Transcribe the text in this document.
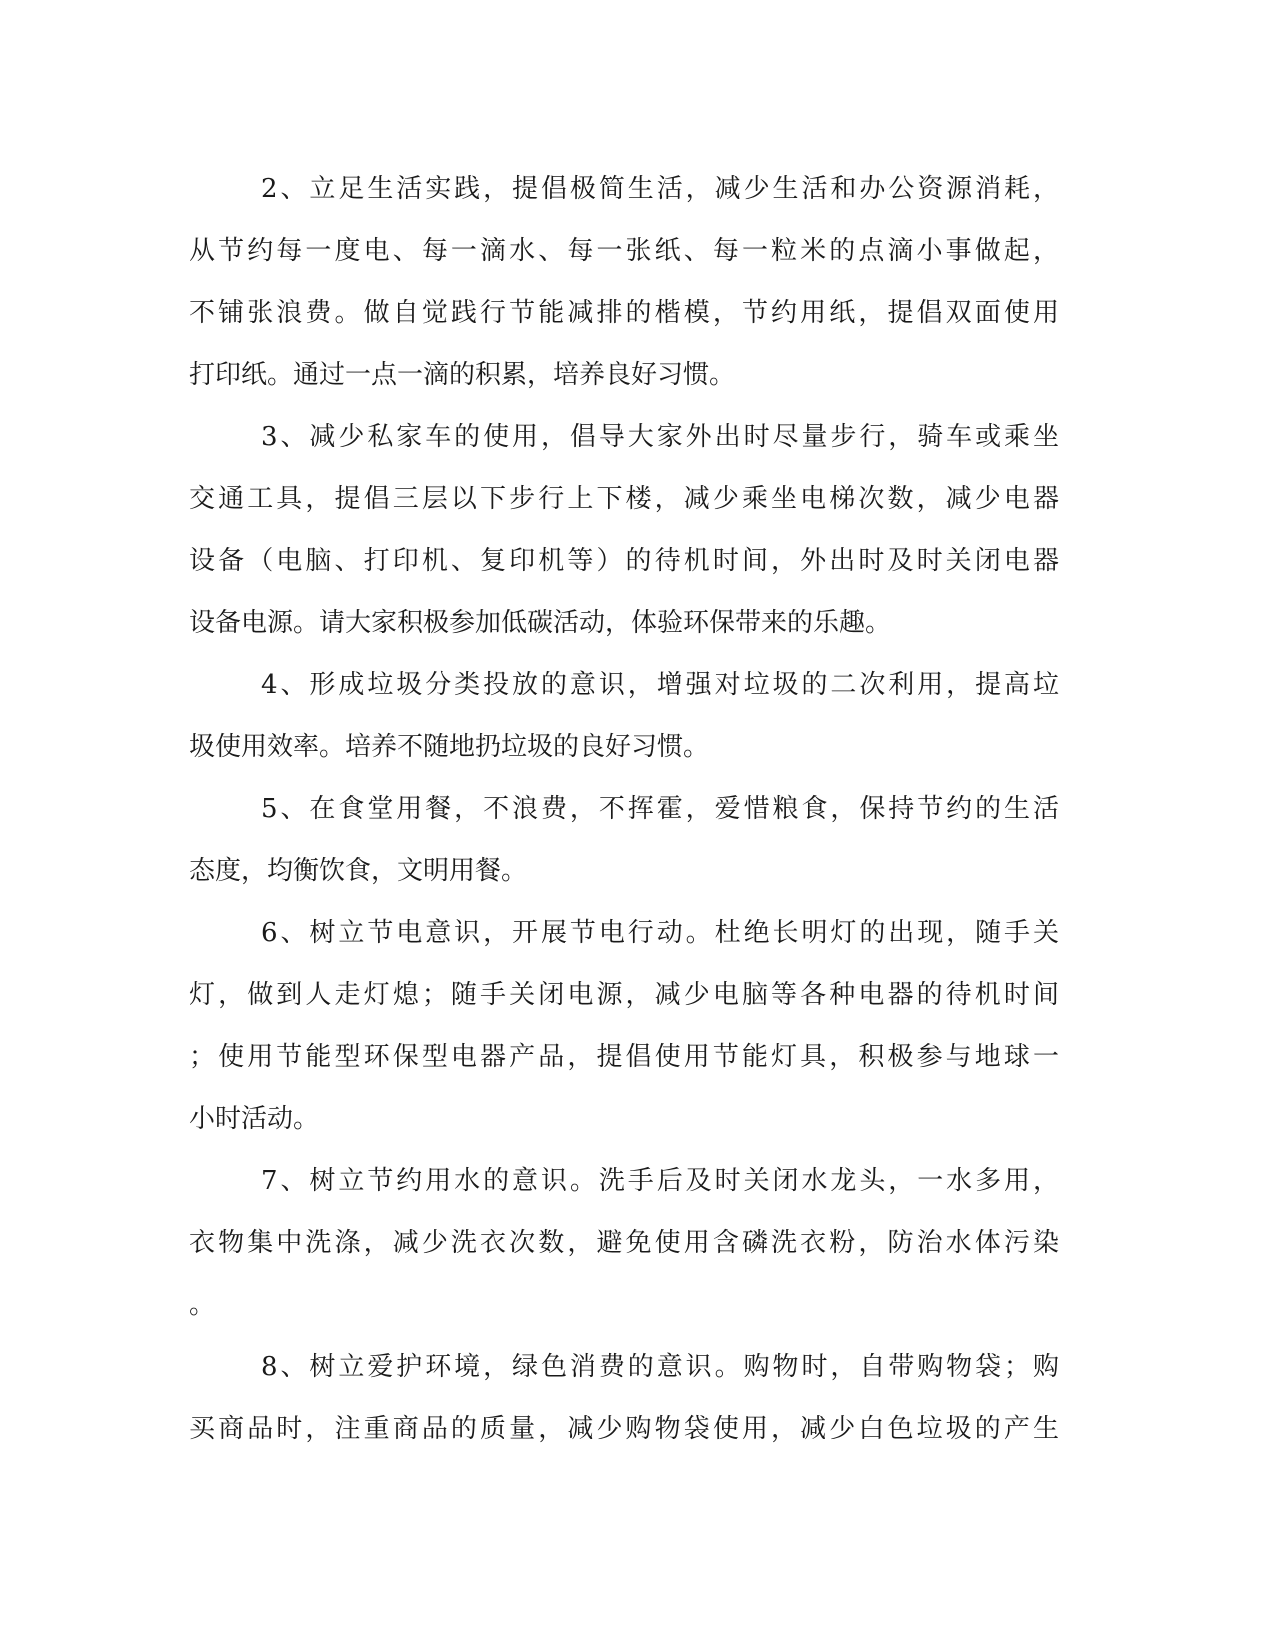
2、立足生活实践，提倡极简生活，减少生活和办公资源消耗，
从节约每一度电、每一滴水、每一张纸、每一粒米的点滴小事做起，
不铺张浪费。做自觉践行节能减排的楷模，节约用纸，提倡双面使用
打印纸。通过一点一滴的积累，培养良好习惯。
3、减少私家车的使用，倡导大家外出时尽量步行，骑车或乘坐
交通工具，提倡三层以下步行上下楼，减少乘坐电梯次数，减少电器
设备（电脑、打印机、复印机等）的待机时间，外出时及时关闭电器
设备电源。请大家积极参加低碳活动，体验环保带来的乐趣。
4、形成垃圾分类投放的意识，增强对垃圾的二次利用，提高垃
圾使用效率。培养不随地扔垃圾的良好习惯。
5、在食堂用餐，不浪费，不挥霍，爱惜粮食，保持节约的生活
态度，均衡饮食，文明用餐。
6、树立节电意识，开展节电行动。杜绝长明灯的出现，随手关
灯，做到人走灯熄；随手关闭电源，减少电脑等各种电器的待机时间
；使用节能型环保型电器产品，提倡使用节能灯具，积极参与地球一
小时活动。
7、树立节约用水的意识。洗手后及时关闭水龙头，一水多用，
衣物集中洗涤，减少洗衣次数，避免使用含磷洗衣粉，防治水体污染
。
8、树立爱护环境，绿色消费的意识。购物时，自带购物袋；购
买商品时，注重商品的质量，减少购物袋使用，减少白色垃圾的产生
